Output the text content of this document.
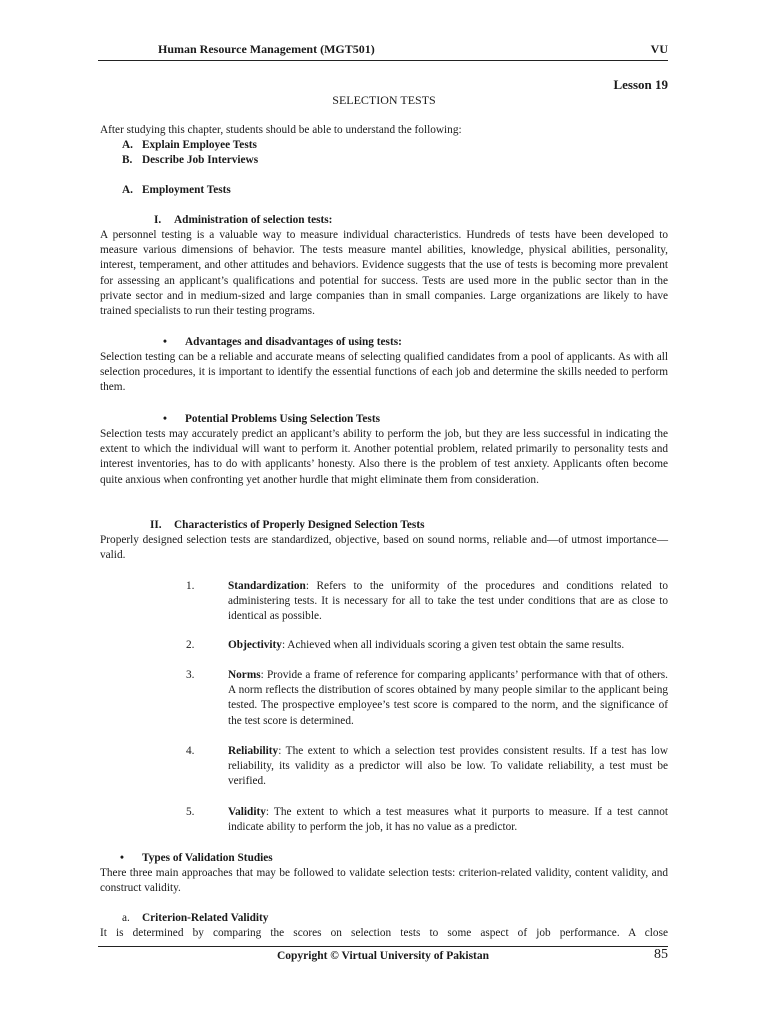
Human Resource Management (MGT501)	VU
Lesson 19
SELECTION TESTS
After studying this chapter, students should be able to understand the following:
A. Explain Employee Tests
B. Describe Job Interviews
A. Employment Tests
I. Administration of selection tests:
A personnel testing is a valuable way to measure individual characteristics. Hundreds of tests have been developed to measure various dimensions of behavior. The tests measure mantel abilities, knowledge, physical abilities, personality, interest, temperament, and other attitudes and behaviors. Evidence suggests that the use of tests is becoming more prevalent for assessing an applicant’s qualifications and potential for success. Tests are used more in the public sector than in the private sector and in medium-sized and large companies than in small companies. Large organizations are likely to have trained specialists to run their testing programs.
• Advantages and disadvantages of using tests:
Selection testing can be a reliable and accurate means of selecting qualified candidates from a pool of applicants. As with all selection procedures, it is important to identify the essential functions of each job and determine the skills needed to perform them.
• Potential Problems Using Selection Tests
Selection tests may accurately predict an applicant’s ability to perform the job, but they are less successful in indicating the extent to which the individual will want to perform it. Another potential problem, related primarily to personality tests and interest inventories, has to do with applicants’ honesty. Also there is the problem of test anxiety. Applicants often become quite anxious when confronting yet another hurdle that might eliminate them from consideration.
II. Characteristics of Properly Designed Selection Tests
Properly designed selection tests are standardized, objective, based on sound norms, reliable and—of utmost importance—valid.
1.	Standardization: Refers to the uniformity of the procedures and conditions related to administering tests. It is necessary for all to take the test under conditions that are as close to identical as possible.
2.	Objectivity: Achieved when all individuals scoring a given test obtain the same results.
3.	Norms: Provide a frame of reference for comparing applicants’ performance with that of others. A norm reflects the distribution of scores obtained by many people similar to the applicant being tested. The prospective employee’s test score is compared to the norm, and the significance of the test score is determined.
4.	Reliability: The extent to which a selection test provides consistent results. If a test has low reliability, its validity as a predictor will also be low. To validate reliability, a test must be verified.
5.	Validity: The extent to which a test measures what it purports to measure. If a test cannot indicate ability to perform the job, it has no value as a predictor.
• Types of Validation Studies
There three main approaches that may be followed to validate selection tests: criterion-related validity, content validity, and construct validity.
a. Criterion-Related Validity
It is determined by comparing the scores on selection tests to some aspect of job performance. A close
Copyright © Virtual University of Pakistan	85
